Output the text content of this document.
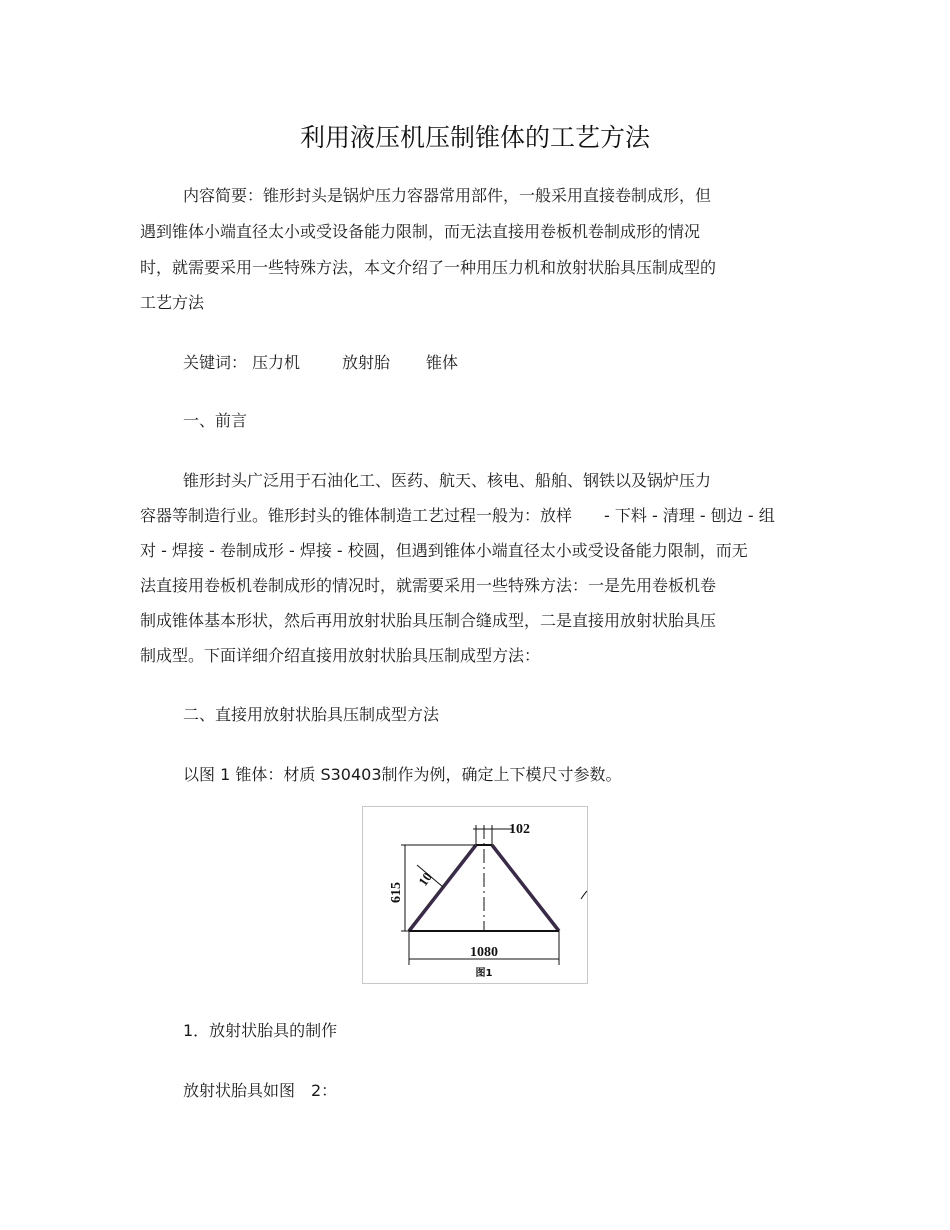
利用液压机压制锥体的工艺方法
内容简要：锥形封头是锅炉压力容器常用部件，一般采用直接卷制成形，但
遇到锥体小端直径太小或受设备能力限制，而无法直接用卷板机卷制成形的情况
时，就需要采用一些特殊方法，本文介绍了一种用压力机和放射状胎具压制成型的
工艺方法
关键词： 压力机	放射胎 锥体
一、前言
锥形封头广泛用于石油化工、医药、航天、核电、船舶、钢铁以及锅炉压力
容器等制造行业。锥形封头的锥体制造工艺过程一般为：放样　　- 下料 - 清理 - 刨边 - 组
对 - 焊接 - 卷制成形 - 焊接 - 校圆，但遇到锥体小端直径太小或受设备能力限制，而无
法直接用卷板机卷制成形的情况时，就需要采用一些特殊方法：一是先用卷板机卷
制成锥体基本形状，然后再用放射状胎具压制合缝成型，二是直接用放射状胎具压
制成型。下面详细介绍直接用放射状胎具压制成型方法：
二、直接用放射状胎具压制成型方法
以图 1 锥体：材质 S30403制作为例，确定上下模尺寸参数。
102
615
10
1080
图1
1．放射状胎具的制作
放射状胎具如图　2：
